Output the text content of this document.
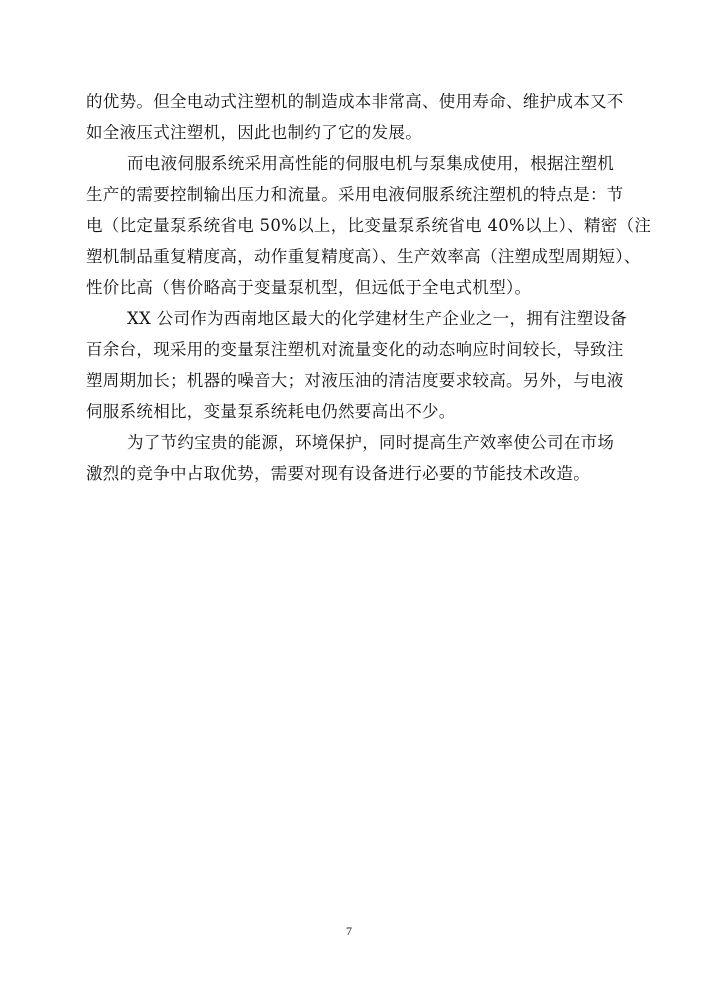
的优势。但全电动式注塑机的制造成本非常高、使用寿命、维护成本又不
如全液压式注塑机，因此也制约了它的发展。
而电液伺服系统采用高性能的伺服电机与泵集成使用，根据注塑机
生产的需要控制输出压力和流量。采用电液伺服系统注塑机的特点是：节
电（比定量泵系统省电 50%以上，比变量泵系统省电 40%以上）、精密（注
塑机制品重复精度高，动作重复精度高）、生产效率高（注塑成型周期短）、
性价比高（售价略高于变量泵机型，但远低于全电式机型）。
XX 公司作为西南地区最大的化学建材生产企业之一，拥有注塑设备
百余台，现采用的变量泵注塑机对流量变化的动态响应时间较长，导致注
塑周期加长；机器的噪音大；对液压油的清洁度要求较高。另外，与电液
伺服系统相比，变量泵系统耗电仍然要高出不少。
为了节约宝贵的能源，环境保护，同时提高生产效率使公司在市场
激烈的竞争中占取优势，需要对现有设备进行必要的节能技术改造。
7
